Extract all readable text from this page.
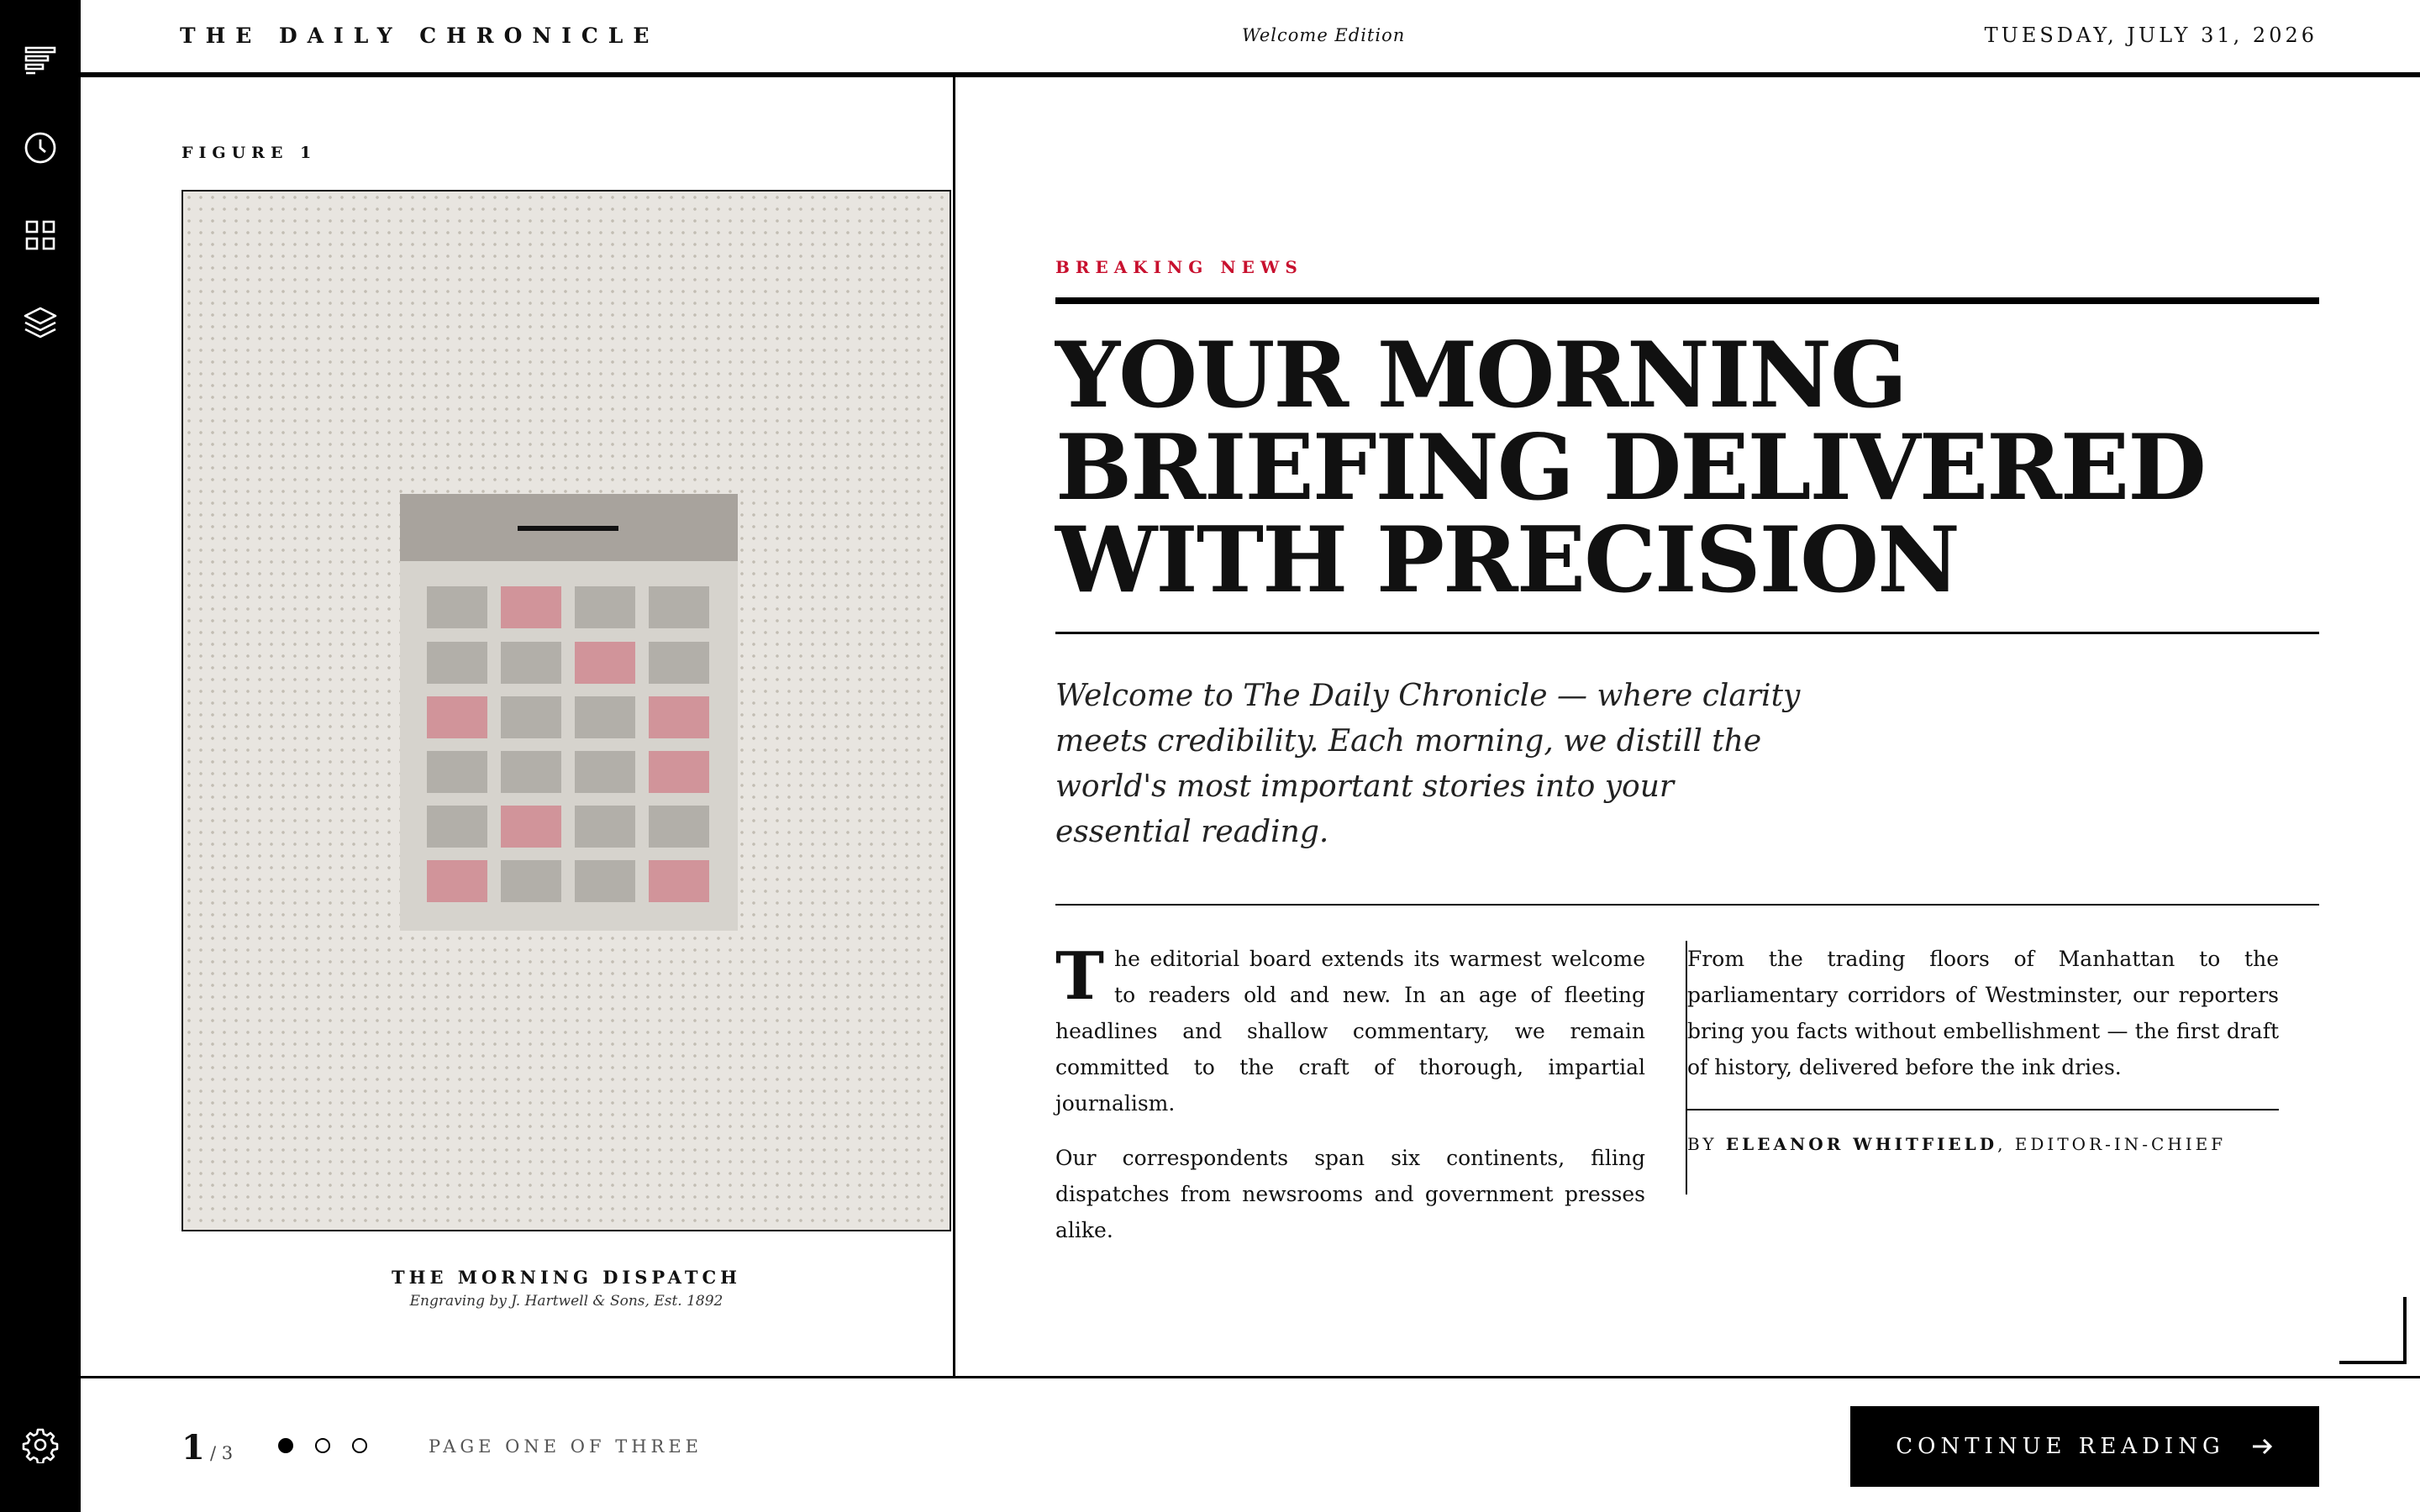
THE DAILY CHRONICLE	Welcome Edition	TUESDAY, JULY 31, 2026
FIGURE 1
THE MORNING DISPATCH
Engraving by J. Hartwell & Sons, Est. 1892
BREAKING NEWS
YOUR MORNING BRIEFING DELIVERED WITH PRECISION
Welcome to The Daily Chronicle — where clarity meets credibility. Each morning, we distill the world's most important stories into your essential reading.

The editorial board extends its warmest welcome to readers old and new. In an age of fleeting headlines and shallow commentary, we remain committed to the craft of thorough, impartial journalism.

Our correspondents span six continents, filing dispatches from newsrooms and government presses alike.

From the trading floors of Manhattan to the parliamentary corridors of Westminster, our reporters bring you facts without embellishment — the first draft of history, delivered before the ink dries.

BY ELEANOR WHITFIELD, EDITOR-IN-CHIEF
1 / 3	PAGE ONE OF THREE	CONTINUE READING
